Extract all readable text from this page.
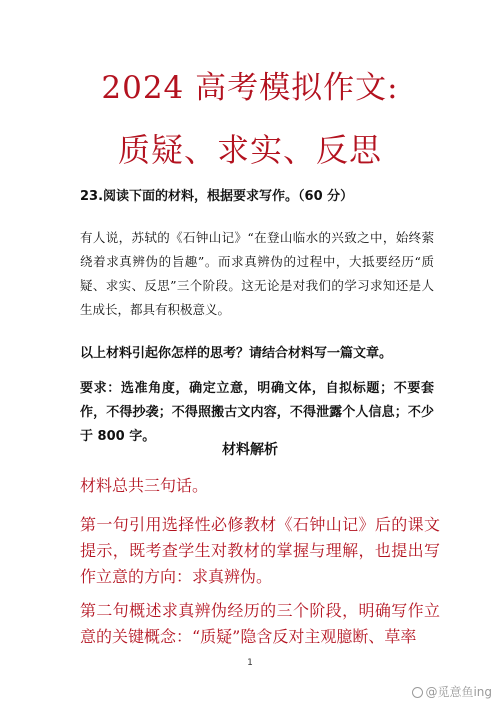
2024 高考模拟作文:
质疑、求实、反思
23.阅读下面的材料，根据要求写作。（60 分）
有人说，苏轼的《石钟山记》“在登山临水的兴致之中，始终萦绕着求真辨伪的旨趣”。而求真辨伪的过程中，大抵要经历“质疑、求实、反思”三个阶段。这无论是对我们的学习求知还是人生成长，都具有积极意义。
以上材料引起你怎样的思考？请结合材料写一篇文章。
要求：选准角度，确定立意，明确文体，自拟标题；不要套作，不得抄袭；不得照搬古文内容，不得泄露个人信息；不少于 800 字。
材料解析
材料总共三句话。
第一句引用选择性必修教材《石钟山记》后的课文提示，既考查学生对教材的掌握与理解，也提出写作立意的方向：求真辨伪。
第二句概述求真辨伪经历的三个阶段，明确写作立意的关键概念：“质疑”隐含反对主观臆断、草率
1
@觅意鱼ing
